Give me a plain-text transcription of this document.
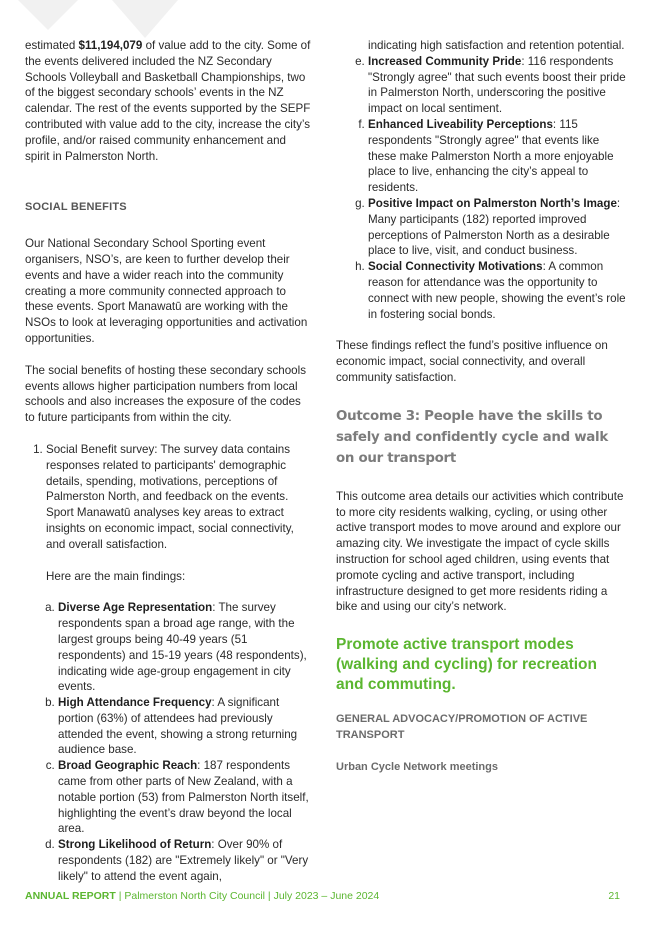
estimated $11,194,079 of value add to the city. Some of the events delivered included the NZ Secondary Schools Volleyball and Basketball Championships, two of the biggest secondary schools’ events in the NZ calendar. The rest of the events supported by the SEPF contributed with value add to the city, increase the city’s profile, and/or raised community enhancement and spirit in Palmerston North.

SOCIAL BENEFITS

Our National Secondary School Sporting event organisers, NSO’s, are keen to further develop their events and have a wider reach into the community creating a more community connected approach to these events. Sport Manawatū are working with the NSOs to look at leveraging opportunities and activation opportunities.

The social benefits of hosting these secondary schools events allows higher participation numbers from local schools and also increases the exposure of the codes to future participants from within the city.

1. Social Benefit survey: The survey data contains responses related to participants' demographic details, spending, motivations, perceptions of Palmerston North, and feedback on the events. Sport Manawatū analyses key areas to extract insights on economic impact, social connectivity, and overall satisfaction.

Here are the main findings:

a. Diverse Age Representation: The survey respondents span a broad age range, with the largest groups being 40-49 years (51 respondents) and 15-19 years (48 respondents), indicating wide age-group engagement in city events.
b. High Attendance Frequency: A significant portion (63%) of attendees had previously attended the event, showing a strong returning audience base.
c. Broad Geographic Reach: 187 respondents came from other parts of New Zealand, with a notable portion (53) from Palmerston North itself, highlighting the event’s draw beyond the local area.
d. Strong Likelihood of Return: Over 90% of respondents (182) are "Extremely likely" or "Very likely" to attend the event again,
indicating high satisfaction and retention potential.
e. Increased Community Pride: 116 respondents "Strongly agree" that such events boost their pride in Palmerston North, underscoring the positive impact on local sentiment.
f. Enhanced Liveability Perceptions: 115 respondents "Strongly agree" that events like these make Palmerston North a more enjoyable place to live, enhancing the city’s appeal to residents.
g. Positive Impact on Palmerston North’s Image: Many participants (182) reported improved perceptions of Palmerston North as a desirable place to live, visit, and conduct business.
h. Social Connectivity Motivations: A common reason for attendance was the opportunity to connect with new people, showing the event’s role in fostering social bonds.

These findings reflect the fund’s positive influence on economic impact, social connectivity, and overall community satisfaction.

Outcome 3: People have the skills to safely and confidently cycle and walk on our transport

This outcome area details our activities which contribute to more city residents walking, cycling, or using other active transport modes to move around and explore our amazing city. We investigate the impact of cycle skills instruction for school aged children, using events that promote cycling and active transport, including infrastructure designed to get more residents riding a bike and using our city’s network.

Promote active transport modes (walking and cycling) for recreation and commuting.

GENERAL ADVOCACY/PROMOTION OF ACTIVE TRANSPORT

Urban Cycle Network meetings

ANNUAL REPORT | Palmerston North City Council | July 2023 – June 2024	21
